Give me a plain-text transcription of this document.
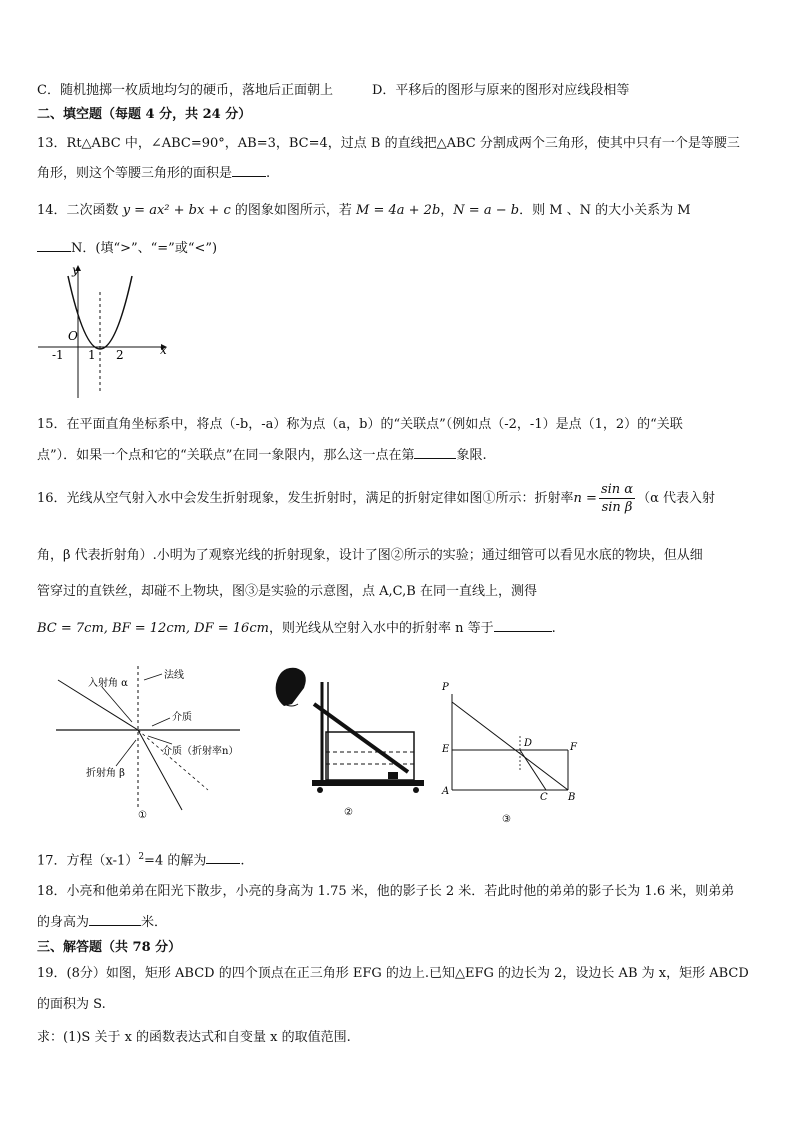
C．随机抛掷一枚质地均匀的硬币，落地后正面朝上	D．平移后的图形与原来的图形对应线段相等
二、填空题（每题 4 分，共 24 分）
13．Rt△ABC 中，∠ABC=90°，AB=3，BC=4，过点 B 的直线把△ABC 分割成两个三角形，使其中只有一个是等腰三
角形，则这个等腰三角形的面积是	.
14．二次函数 y = ax² + bx + c 的图象如图所示，若 M = 4a + 2b，N = a − b．则 M 、N 的大小关系为 M
N．(填“>”、“=”或“<”)
y
x
O
-1 1 2
15．在平面直角坐标系中，将点（-b，-a）称为点（a，b）的“关联点”（例如点（-2，-1）是点（1，2）的“关联
点”）．如果一个点和它的“关联点”在同一象限内，那么这一点在第	象限.
16．光线从空气射入水中会发生折射现象，发生折射时，满足的折射定律如图①所示：折射率$n = \frac{\text{sin α}}{\text{sin β}} (\alpha$ 代表入射
角，β 代表折射角）.小明为了观察光线的折射现象，设计了图②所示的实验；通过细管可以看见水底的物块，但从细
管穿过的直铁丝，却碰不上物块，图③是实验的示意图，点 A,C,B 在同一直线上，测得
BC = 7cm, BF = 12cm, DF = 16cm，则光线从空射入水中的折射率 n 等于	.
入射角 α
法线
介质
介质（折射率n）
折射角 β
①	②
P
D	F
E
A
C B
③
17．方程$(x-1)^2=4$ 的解为	.
18．小亮和他弟弟在阳光下散步，小亮的身高为 1.75 米，他的影子长 2 米．若此时他的弟弟的影子长为 1.6 米，则弟弟
的身高为	米．
三、解答题（共 78 分）
19．(8分）如图，矩形 ABCD 的四个顶点在正三角形 EFG 的边上.已知△EFG 的边长为 2，设边长 AB 为 x，矩形 ABCD
的面积为 S.
求：(1)S 关于 x 的函数表达式和自变量 x 的取值范围.
